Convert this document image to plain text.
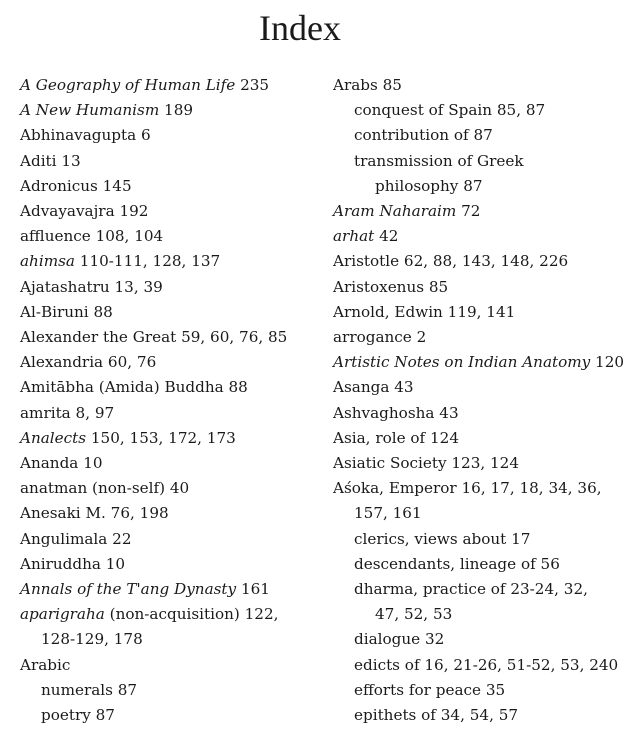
Index
A Geography of Human Life 235
A New Humanism 189
Abhinavagupta 6
Aditi 13
Adronicus 145
Advayavajra 192
affluence 108, 104
ahimsa 110-111, 128, 137
Ajatashatru 13, 39
Al-Biruni 88
Alexander the Great 59, 60, 76, 85
Alexandria 60, 76
Amitābha (Amida) Buddha 88
amrita 8, 97
Analects 150, 153, 172, 173
Ananda 10
anatman (non-self) 40
Anesaki M. 76, 198
Angulimala 22
Aniruddha 10
Annals of the T'ang Dynasty 161
aparigraha (non-acquisition) 122,
128-129, 178
Arabic
numerals 87
poetry 87
Arabs 85
conquest of Spain 85, 87
contribution of 87
transmission of Greek
philosophy 87
Aram Naharaim 72
arhat 42
Aristotle 62, 88, 143, 148, 226
Aristoxenus 85
Arnold, Edwin 119, 141
arrogance 2
Artistic Notes on Indian Anatomy 120
Asanga 43
Ashvaghosha 43
Asia, role of 124
Asiatic Society 123, 124
Aśoka, Emperor 16, 17, 18, 34, 36,
157, 161
clerics, views about 17
descendants, lineage of 56
dharma, practice of 23-24, 32,
47, 52, 53
dialogue 32
edicts of 16, 21-26, 51-52, 53, 240
efforts for peace 35
epithets of 34, 54, 57
